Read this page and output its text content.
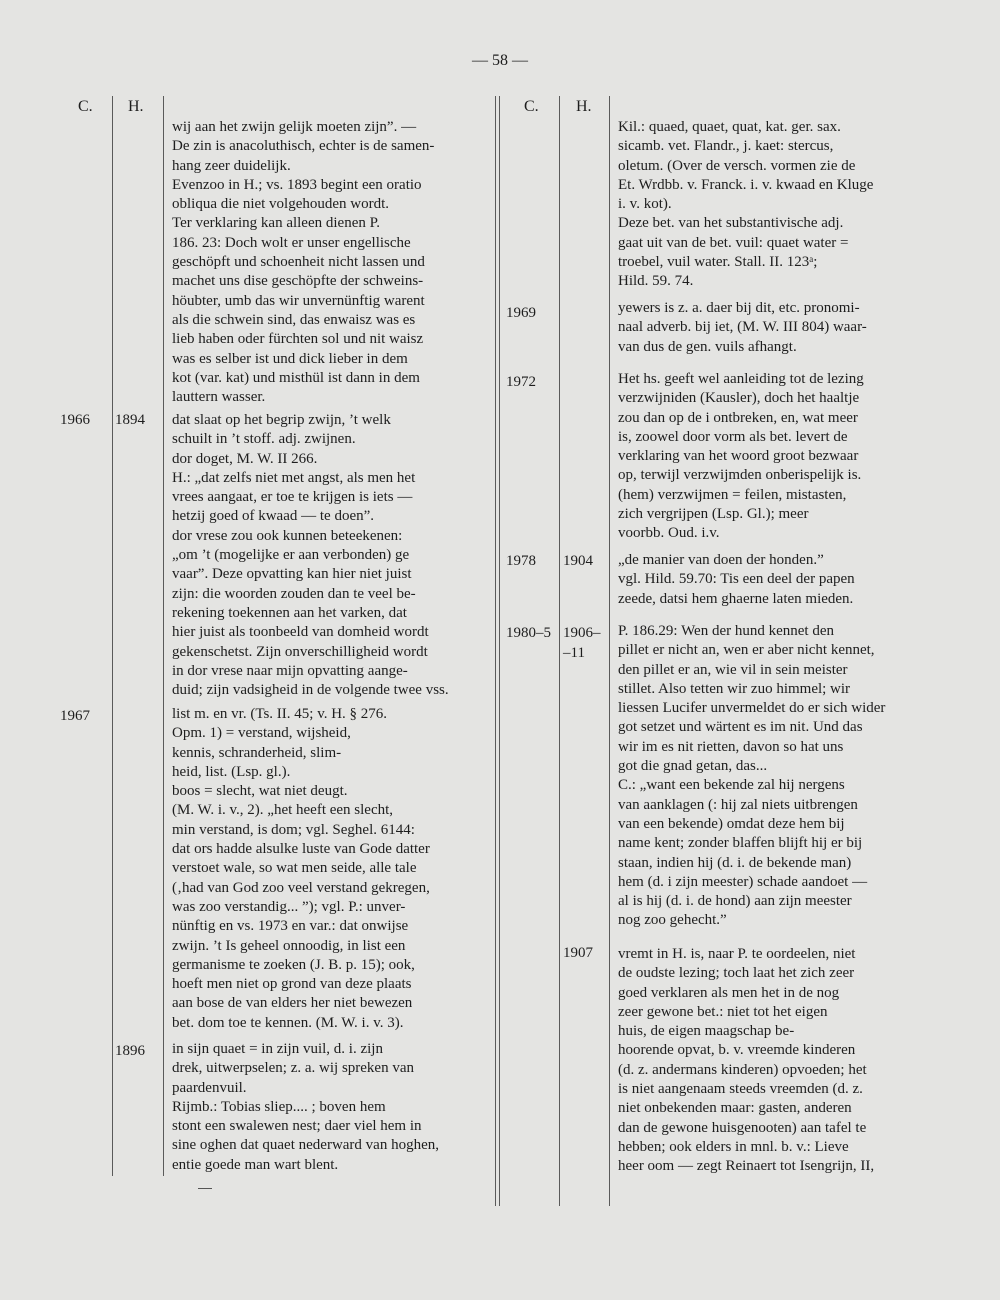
— 58 —
C. H.	C. H.
1966 1894
1967
1896
1969
1972
1978 1904
1980–5 1906–
–11
1907
wij aan het zwijn gelijk moeten zijn”. —
De zin is anacoluthisch, echter is de samen-
hang zeer duidelijk.
Evenzoo in H.; vs. 1893 begint een oratio
obliqua die niet volgehouden wordt.
Ter verklaring kan alleen dienen P.
186. 23: Doch wolt er unser engellische
geschöpft und schoenheit nicht lassen und
machet uns dise geschöpfte der schweins-
höubter, umb das wir unvernünftig warent
als die schwein sind, das enwaisz was es
lieb haben oder fürchten sol und nit waisz
was es selber ist und dick lieber in dem
kot (var. kat) und misthül ist dann in dem
lauttern wasser.
dat slaat op het begrip zwijn, ’t welk
schuilt in ’t stoff. adj. zwijnen.
dor doget, M. W. II 266.
H.: „dat zelfs niet met angst, als men het
vrees aangaat, er toe te krijgen is iets —
hetzij goed of kwaad — te doen”.
dor vrese zou ook kunnen beteekenen:
„om ’t (mogelijke er aan verbonden) ge
vaar”. Deze opvatting kan hier niet juist
zijn: die woorden zouden dan te veel be-
rekening toekennen aan het varken, dat
hier juist als toonbeeld van domheid wordt
gekenschetst. Zijn onverschilligheid wordt
in dor vrese naar mijn opvatting aange-
duid; zijn vadsigheid in de volgende twee vss.
list m. en vr. (Ts. II. 45; v. H. § 276.
Opm. 1) = verstand, wijsheid,
kennis, schranderheid, slim-
heid, list. (Lsp. gl.).
boos = slecht, wat niet deugt.
(M. W. i. v., 2). „het heeft een slecht,
min verstand, is dom; vgl. Seghel. 6144:
dat ors hadde alsulke luste van Gode datter
verstoet wale, so wat men seide, alle tale
(‚had van God zoo veel verstand gekregen,
was zoo verstandig... ”); vgl. P.: unver-
nünftig en vs. 1973 en var.: dat onwijse
zwijn. ’t Is geheel onnoodig, in list een
germanisme te zoeken (J. B. p. 15); ook,
hoeft men niet op grond van deze plaats
aan bose de van elders her niet bewezen
bet. dom toe te kennen. (M. W. i. v. 3).
in sijn quaet = in zijn vuil, d. i. zijn
drek, uitwerpselen; z. a. wij spreken van
paardenvuil.
Rijmb.: Tobias sliep.... ; boven hem
stont een swalewen nest; daer viel hem in
sine oghen dat quaet nederward van hoghen,
entie goede man wart blent.
Kil.: quaed, quaet, quat, kat. ger. sax.
sicamb. vet. Flandr., j. kaet: stercus,
oletum. (Over de versch. vormen zie de
Et. Wrdbb. v. Franck. i. v. kwaad en Kluge
i. v. kot).
Deze bet. van het substantivische adj.
gaat uit van de bet. vuil: quaet water =
troebel, vuil water. Stall. II. 123ᵃ;
Hild. 59. 74.
yewers is z. a. daer bij dit, etc. pronomi-
naal adverb. bij iet, (M. W. III 804) waar-
van dus de gen. vuils afhangt.
Het hs. geeft wel aanleiding tot de lezing
verzwijniden (Kausler), doch het haaltje
zou dan op de i ontbreken, en, wat meer
is, zoowel door vorm als bet. levert de
verklaring van het woord groot bezwaar
op, terwijl verzwijmden onberispelijk is.
(hem) verzwijmen = feilen, mistasten,
zich vergrijpen (Lsp. Gl.); meer
voorbb. Oud. i.v.
„de manier van doen der honden.”
vgl. Hild. 59.70: Tis een deel der papen
zeede, datsi hem ghaerne laten mieden.
P. 186.29: Wen der hund kennet den
pillet er nicht an, wen er aber nicht kennet,
den pillet er an, wie vil in sein meister
stillet. Also tetten wir zuo himmel; wir
liessen Lucifer unvermeldet do er sich wider
got setzet und wärtent es im nit. Und das
wir im es nit rietten, davon so hat uns
got die gnad getan, das...
C.: „want een bekende zal hij nergens
van aanklagen (: hij zal niets uitbrengen
van een bekende) omdat deze hem bij
name kent; zonder blaffen blijft hij er bij
staan, indien hij (d. i. de bekende man)
hem (d. i zijn meester) schade aandoet —
al is hij (d. i. de hond) aan zijn meester
nog zoo gehecht.”
vremt in H. is, naar P. te oordeelen, niet
de oudste lezing; toch laat het zich zeer
goed verklaren als men het in de nog
zeer gewone bet.: niet tot het eigen
huis, de eigen maagschap be-
hoorende opvat, b. v. vreemde kinderen
(d. z. andermans kinderen) opvoeden; het
is niet aangenaam steeds vreemden (d. z.
niet onbekenden maar: gasten, anderen
dan de gewone huisgenooten) aan tafel te
hebben; ook elders in mnl. b. v.: Lieve
heer oom — zegt Reinaert tot Isengrijn, II,
